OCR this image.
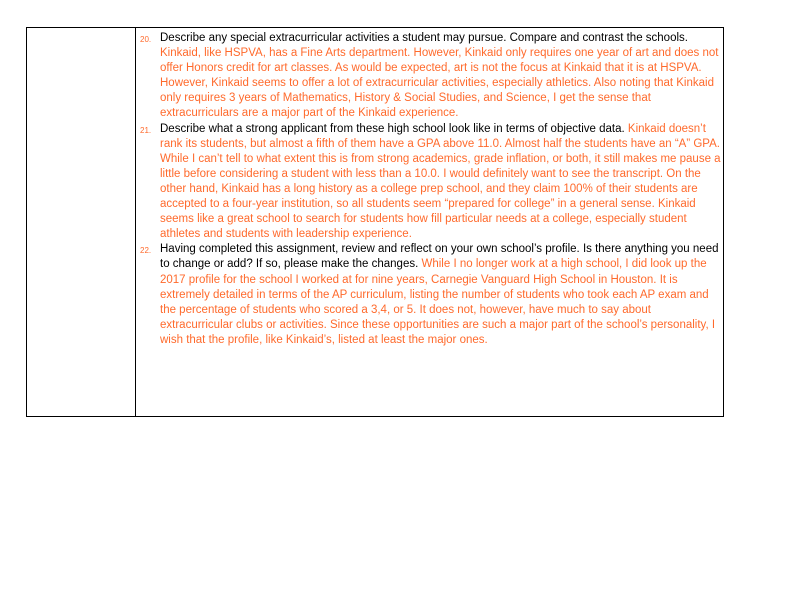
20. Describe any special extracurricular activities a student may pursue. Compare and contrast the schools. Kinkaid, like HSPVA, has a Fine Arts department. However, Kinkaid only requires one year of art and does not offer Honors credit for art classes. As would be expected, art is not the focus at Kinkaid that it is at HSPVA. However, Kinkaid seems to offer a lot of extracurricular activities, especially athletics. Also noting that Kinkaid only requires 3 years of Mathematics, History & Social Studies, and Science, I get the sense that extracurriculars are a major part of the Kinkaid experience.
21. Describe what a strong applicant from these high school look like in terms of objective data. Kinkaid doesn’t rank its students, but almost a fifth of them have a GPA above 11.0. Almost half the students have an “A” GPA. While I can’t tell to what extent this is from strong academics, grade inflation, or both, it still makes me pause a little before considering a student with less than a 10.0. I would definitely want to see the transcript. On the other hand, Kinkaid has a long history as a college prep school, and they claim 100% of their students are accepted to a four-year institution, so all students seem “prepared for college” in a general sense. Kinkaid seems like a great school to search for students how fill particular needs at a college, especially student athletes and students with leadership experience.
22. Having completed this assignment, review and reflect on your own school’s profile. Is there anything you need to change or add? If so, please make the changes. While I no longer work at a high school, I did look up the 2017 profile for the school I worked at for nine years, Carnegie Vanguard High School in Houston. It is extremely detailed in terms of the AP curriculum, listing the number of students who took each AP exam and the percentage of students who scored a 3,4, or 5. It does not, however, have much to say about extracurricular clubs or activities. Since these opportunities are such a major part of the school’s personality, I wish that the profile, like Kinkaid’s, listed at least the major ones.
